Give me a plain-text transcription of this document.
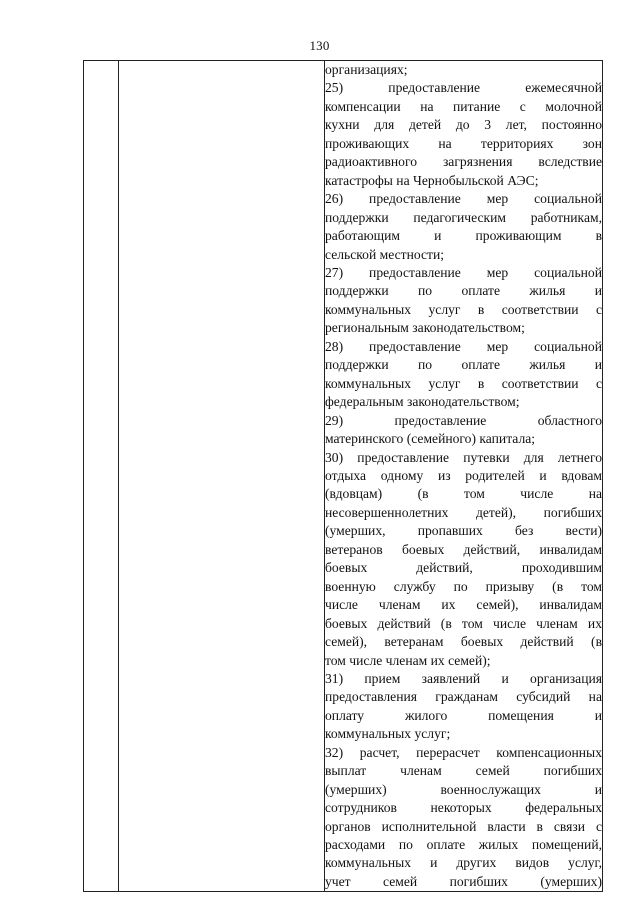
130

организациях;
25) предоставление ежемесячной
компенсации на питание с молочной
кухни для детей до 3 лет, постоянно
проживающих на территориях зон
радиоактивного загрязнения вследствие
катастрофы на Чернобыльской АЭС;
26) предоставление мер социальной
поддержки педагогическим работникам,
работающим и проживающим в
сельской местности;
27) предоставление мер социальной
поддержки по оплате жилья и
коммунальных услуг в соответствии с
региональным законодательством;
28) предоставление мер социальной
поддержки по оплате жилья и
коммунальных услуг в соответствии с
федеральным законодательством;
29) предоставление областного
материнского (семейного) капитала;
30) предоставление путевки для летнего
отдыха одному из родителей и вдовам
(вдовцам) (в том числе на
несовершеннолетних детей), погибших
(умерших, пропавших без вести)
ветеранов боевых действий, инвалидам
боевых действий, проходившим
военную службу по призыву (в том
числе членам их семей), инвалидам
боевых действий (в том числе членам их
семей), ветеранам боевых действий (в
том числе членам их семей);
31) прием заявлений и организация
предоставления гражданам субсидий на
оплату жилого помещения и
коммунальных услуг;
32) расчет, перерасчет компенсационных
выплат членам семей погибших
(умерших) военнослужащих и
сотрудников некоторых федеральных
органов исполнительной власти в связи с
расходами по оплате жилых помещений,
коммунальных и других видов услуг,
учет семей погибших (умерших)
